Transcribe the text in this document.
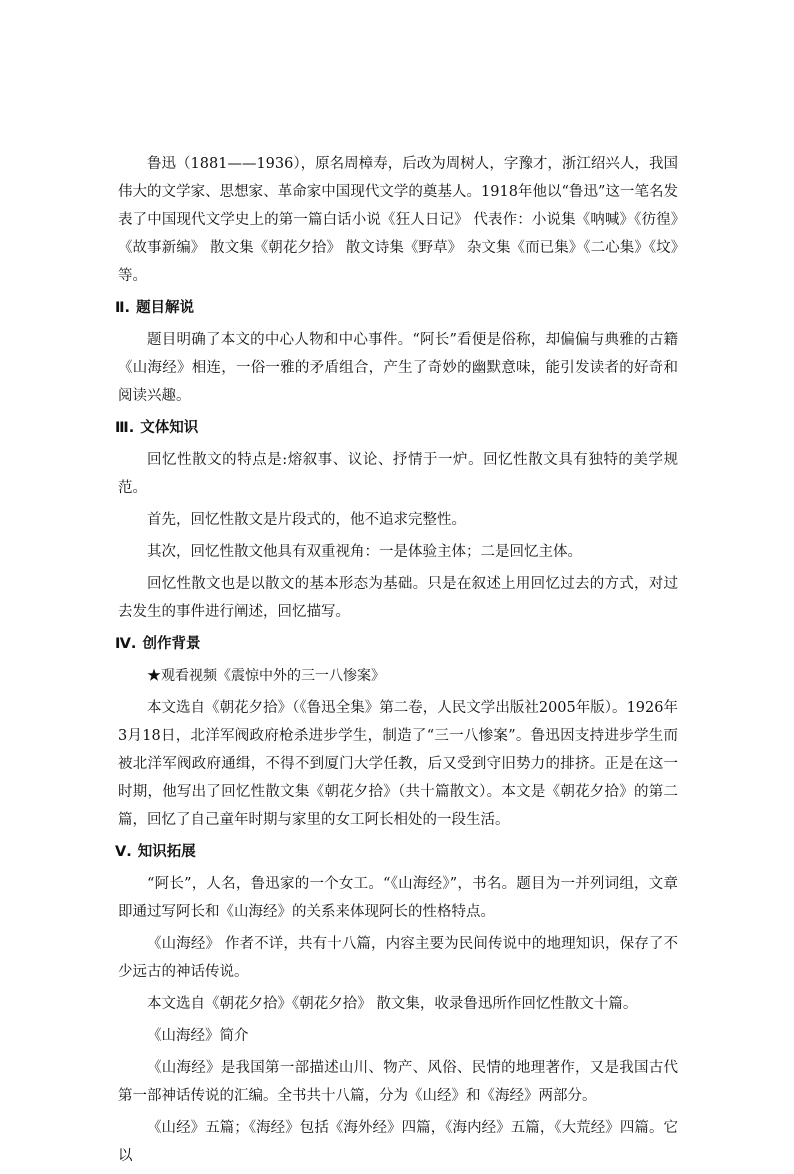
鲁迅（1881——1936），原名周樟寿，后改为周树人，字豫才，浙江绍兴人，我国伟大的文学家、思想家、革命家中国现代文学的奠基人。1918年他以“鲁迅”这一笔名发表了中国现代文学史上的第一篇白话小说《狂人日记》 代表作：小说集《呐喊》《彷徨》《故事新编》 散文集《朝花夕拾》 散文诗集《野草》 杂文集《而已集》《二心集》《坟》等。

Ⅱ. 题目解说

题目明确了本文的中心人物和中心事件。“阿长”看便是俗称，却偏偏与典雅的古籍《山海经》相连，一俗一雅的矛盾组合，产生了奇妙的幽默意味，能引发读者的好奇和阅读兴趣。

Ⅲ. 文体知识

回忆性散文的特点是:熔叙事、议论、抒情于一炉。回忆性散文具有独特的美学规范。

首先，回忆性散文是片段式的，他不追求完整性。

其次，回忆性散文他具有双重视角：一是体验主体；二是回忆主体。

回忆性散文也是以散文的基本形态为基础。只是在叙述上用回忆过去的方式，对过去发生的事件进行阐述，回忆描写。

Ⅳ. 创作背景

★观看视频《震惊中外的三一八惨案》

本文选自《朝花夕拾》（《鲁迅全集》第二卷，人民文学出版社2005年版）。1926年3月18日，北洋军阀政府枪杀进步学生，制造了“三一八惨案”。鲁迅因支持进步学生而被北洋军阀政府通缉，不得不到厦门大学任教，后又受到守旧势力的排挤。正是在这一时期，他写出了回忆性散文集《朝花夕拾》（共十篇散文）。本文是《朝花夕拾》的第二篇，回忆了自己童年时期与家里的女工阿长相处的一段生活。

Ⅴ. 知识拓展

“阿长”，人名，鲁迅家的一个女工。“《山海经》”，书名。题目为一并列词组，文章即通过写阿长和《山海经》的关系来体现阿长的性格特点。

《山海经》 作者不详，共有十八篇，内容主要为民间传说中的地理知识，保存了不少远古的神话传说。

本文选自《朝花夕拾》《朝花夕拾》 散文集，收录鲁迅所作回忆性散文十篇。

《山海经》简介

《山海经》是我国第一部描述山川、物产、风俗、民情的地理著作，又是我国古代第一部神话传说的汇编。全书共十八篇，分为《山经》和《海经》两部分。

《山经》五篇；《海经》包括《海外经》四篇，《海内经》五篇，《大荒经》四篇。它以
